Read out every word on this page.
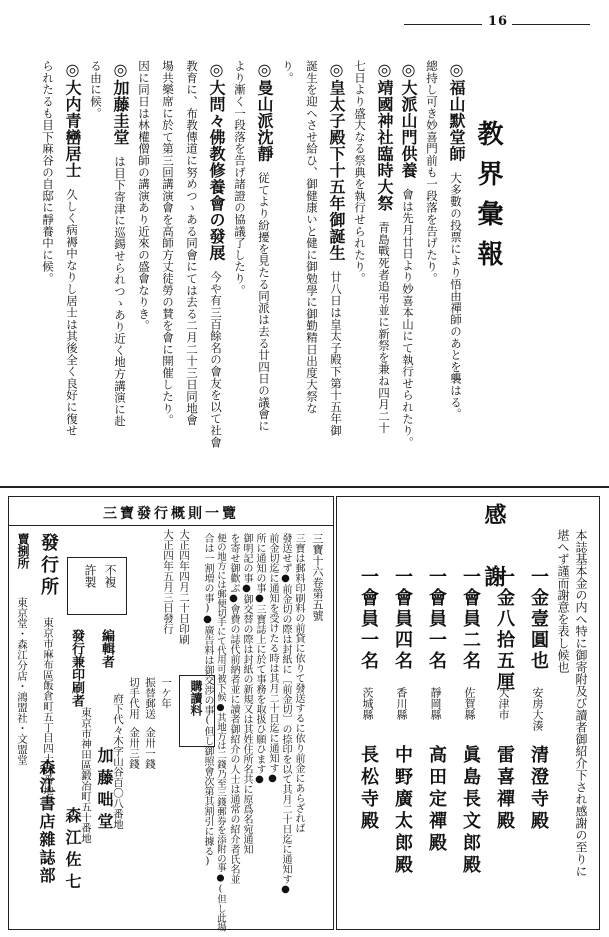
16
教界彙報
◎福山默堂師大多數の投票により悟由禪師のあとを襲はる。
總持し可き妙喜門前も一段落を告げたり。
◎大派山門供養會は先月廿日より妙喜本山にて執行せられたり。
◎靖國神社臨時大祭青島戰死者追弔並に新祭を兼ね四月二十
七日より盛大なる祭典を執行せられたり。
◎皇太子殿下十五年御誕生廿八日は皇太子殿下第十五年御
誕生を迎へさせ給ひ、御健康いと健に御勉學に御勤精日出度大祭な
り。
◎曼山派沈靜従てより紛擾を見たる同派は去る廿四日の議會に
より漸く一段落を告げ諸證の協議了したり。
◎大問々佛教修養會の發展今や有三百餘名の會友を以て社會
教育に、布教傳道に努めつゝある同會にては去る二月二十三日同地會
場共樂席に於て第三回講演會を高師方丈徒勞の賛を會に開催したり。
因に同日は林權僧師の講演あり近來の盛會なりき。
◎加藤圭堂は目下寄津に巡錫せられつゝあり近く地方講演に赴
る由に候。
◎大内青巒居士久しく病褥中なりし居士は其後全く良好に復せ
られたるも目下麻谷の自邸に靜養中に候。
感謝	本誌基本金の内へ特に御寄附及び讀者御紹介下され感謝の至りに
堪へず謹而謝意を表し候也
一金壹圓也
安房大湊
清澄寺殿
一金八拾五厘
大津市
雷喜禪殿
一會員二名
佐賀縣
眞島長文郎殿
一會員一名
靜岡縣
高田定禪殿
一會員四名
香川縣
中野廣太郎殿
一會員一名
茨城縣
長松寺殿
三寶發行概則一覽
三寶十六卷第五號
三寶は郵料印刷料の前貸に依りて發送するに依り前金にあらざれば
發送せず●前金切の際は封紙に〔前金切〕の捺印を以て其月二十日迄に通知す●
前金切迄に通知を受けたる時は其月二十日迄に通知す●
所に通知の事●三寶誌上に於て事務を取扱ひ願ひます●
御明記の事●御交替の際は封紙の新規又は其姓住所名共に原爲名宛通知
を寄せ御歡ぶ●會費の誌代前納者並に讀者御紹介の人士は通常の紹介者氏名並
便の地方には郵便切手にて代用可被下候●其地方は二錢乃至三錢郵券を添附の事●(但し此場
合は一割増の事)●廣告料は御交渉の事(但し御照會次第其割引に據る)
大正四年四月二十日印刷
大正四年五月三日發行
購讀料
一ケ年
振替郵送
金卅一錢
切手代用
金卅三錢
不複
許製
編輯者
府下代々木字山谷百〇八番地
加藤咄堂
發行兼印刷者
東京市神田區鍛冶町五十番地
森江佐七
發行所
東京市麻布區飯倉町五丁目四十四番地
森江書店雜誌部
賣捌所
東京堂・森江分店・鴻盟社・文盟堂
